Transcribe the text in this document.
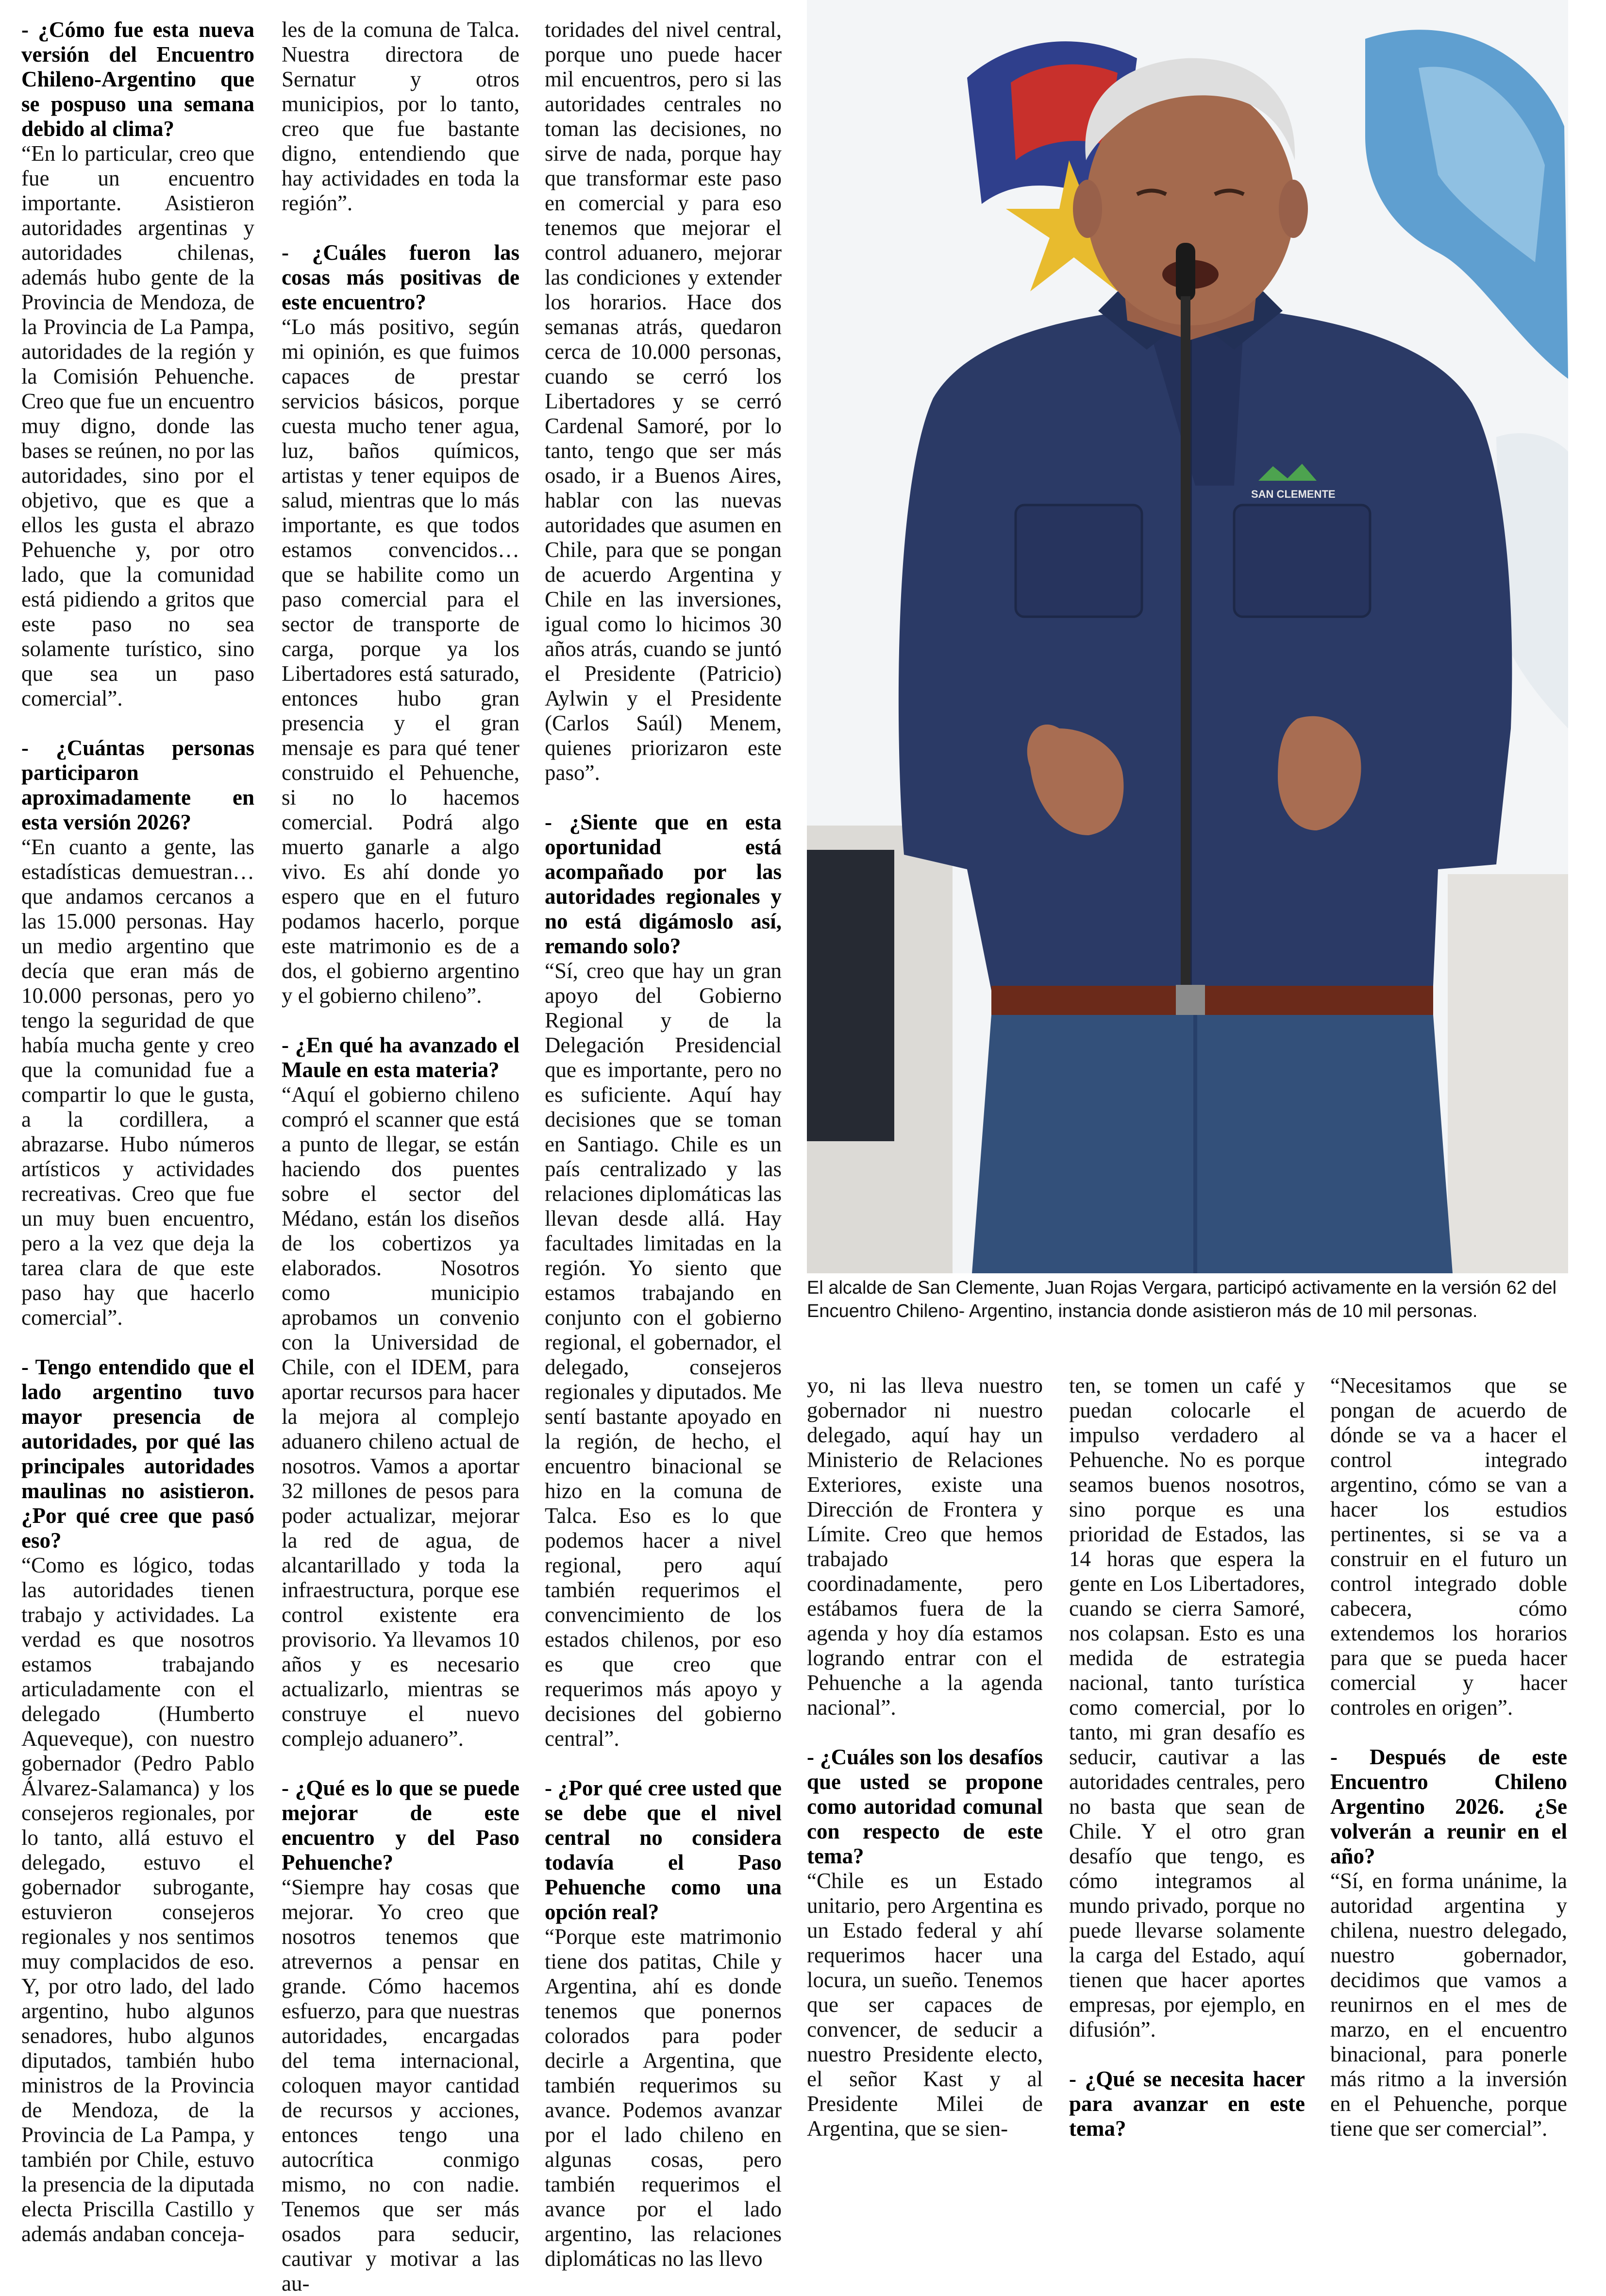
- ¿Cómo fue esta nueva versión del Encuentro Chileno-Argentino que se pospuso una semana debido al clima?

“En lo particular, creo que fue un encuentro importante. Asistieron autoridades argentinas y autoridades chilenas, además hubo gente de la Provincia de Mendoza, de la Provincia de La Pampa, autoridades de la región y la Comisión Pehuenche. Creo que fue un encuentro muy digno, donde las bases se reúnen, no por las autoridades, sino por el objetivo, que es que a ellos les gusta el abrazo Pehuenche y, por otro lado, que la comunidad está pidiendo a gritos que este paso no sea solamente turístico, sino que sea un paso comercial”.

- ¿Cuántas personas participaron aproximadamente en esta versión 2026?

“En cuanto a gente, las estadísticas demuestran… que andamos cercanos a las 15.000 personas. Hay un medio argentino que decía que eran más de 10.000 personas, pero yo tengo la seguridad de que había mucha gente y creo que la comunidad fue a compartir lo que le gusta, a la cordillera, a abrazarse. Hubo números artísticos y actividades recreativas. Creo que fue un muy buen encuentro, pero a la vez que deja la tarea clara de que este paso hay que hacerlo comercial”.

- Tengo entendido que el lado argentino tuvo mayor presencia de autoridades, por qué las principales autoridades maulinas no asistieron. ¿Por qué cree que pasó eso?

“Como es lógico, todas las autoridades tienen trabajo y actividades. La verdad es que nosotros estamos trabajando articuladamente con el delegado (Humberto Aqueveque), con nuestro gobernador (Pedro Pablo Álvarez-Salamanca) y los consejeros regionales, por lo tanto, allá estuvo el delegado, estuvo el gobernador subrogante, estuvieron consejeros regionales y nos sentimos muy complacidos de eso. Y, por otro lado, del lado argentino, hubo algunos senadores, hubo algunos diputados, también hubo ministros de la Provincia de Mendoza, de la Provincia de La Pampa, y también por Chile, estuvo la presencia de la diputada electa Priscilla Castillo y además andaban conceja-

les de la comuna de Talca. Nuestra directora de Sernatur y otros municipios, por lo tanto, creo que fue bastante digno, entendiendo que hay actividades en toda la región”.

- ¿Cuáles fueron las cosas más positivas de este encuentro?

“Lo más positivo, según mi opinión, es que fuimos capaces de prestar servicios básicos, porque cuesta mucho tener agua, luz, baños químicos, artistas y tener equipos de salud, mientras que lo más importante, es que todos estamos convencidos…que se habilite como un paso comercial para el sector de transporte de carga, porque ya los Libertadores está saturado, entonces hubo gran presencia y el gran mensaje es para qué tener construido el Pehuenche, si no lo hacemos comercial. Podrá algo muerto ganarle a algo vivo. Es ahí donde yo espero que en el futuro podamos hacerlo, porque este matrimonio es de a dos, el gobierno argentino y el gobierno chileno”.

- ¿En qué ha avanzado el Maule en esta materia?

“Aquí el gobierno chileno compró el scanner que está a punto de llegar, se están haciendo dos puentes sobre el sector del Médano, están los diseños de los cobertizos ya elaborados. Nosotros como municipio aprobamos un convenio con la Universidad de Chile, con el IDEM, para aportar recursos para hacer la mejora al complejo aduanero chileno actual de nosotros. Vamos a aportar 32 millones de pesos para poder actualizar, mejorar la red de agua, de alcantarillado y toda la infraestructura, porque ese control existente era provisorio. Ya llevamos 10 años y es necesario actualizarlo, mientras se construye el nuevo complejo aduanero”.

- ¿Qué es lo que se puede mejorar de este encuentro y del Paso Pehuenche?

“Siempre hay cosas que mejorar. Yo creo que nosotros tenemos que atrevernos a pensar en grande. Cómo hacemos esfuerzo, para que nuestras autoridades, encargadas del tema internacional, coloquen mayor cantidad de recursos y acciones, entonces tengo una autocrítica conmigo mismo, no con nadie. Tenemos que ser más osados para seducir, cautivar y motivar a las au-

toridades del nivel central, porque uno puede hacer mil encuentros, pero si las autoridades centrales no toman las decisiones, no sirve de nada, porque hay que transformar este paso en comercial y para eso tenemos que mejorar el control aduanero, mejorar las condiciones y extender los horarios. Hace dos semanas atrás, quedaron cerca de 10.000 personas, cuando se cerró los Libertadores y se cerró Cardenal Samoré, por lo tanto, tengo que ser más osado, ir a Buenos Aires, hablar con las nuevas autoridades que asumen en Chile, para que se pongan de acuerdo Argentina y Chile en las inversiones, igual como lo hicimos 30 años atrás, cuando se juntó el Presidente (Patricio) Aylwin y el Presidente (Carlos Saúl) Menem, quienes priorizaron este paso”.

- ¿Siente que en esta oportunidad está acompañado por las autoridades regionales y no está digámoslo así, remando solo?

“Sí, creo que hay un gran apoyo del Gobierno Regional y de la Delegación Presidencial que es importante, pero no es suficiente. Aquí hay decisiones que se toman en Santiago. Chile es un país centralizado y las relaciones diplomáticas las llevan desde allá. Hay facultades limitadas en la región. Yo siento que estamos trabajando en conjunto con el gobierno regional, el gobernador, el delegado, consejeros regionales y diputados. Me sentí bastante apoyado en la región, de hecho, el encuentro binacional se hizo en la comuna de Talca. Eso es lo que podemos hacer a nivel regional, pero aquí también requerimos el convencimiento de los estados chilenos, por eso es que creo que requerimos más apoyo y decisiones del gobierno central”.

- ¿Por qué cree usted que se debe que el nivel central no considera todavía el Paso Pehuenche como una opción real?

“Porque este matrimonio tiene dos patitas, Chile y Argentina, ahí es donde tenemos que ponernos colorados para poder decirle a Argentina, que también requerimos su avance. Podemos avanzar por el lado chileno en algunas cosas, pero también requerimos el avance por el lado argentino, las relaciones diplomáticas no las llevo

SAN CLEMENTE

El alcalde de San Clemente, Juan Rojas Vergara, participó activamente en la versión 62 del Encuentro Chileno- Argentino, instancia donde asistieron más de 10 mil personas.

yo, ni las lleva nuestro gobernador ni nuestro delegado, aquí hay un Ministerio de Relaciones Exteriores, existe una Dirección de Frontera y Límite. Creo que hemos trabajado coordinadamente, pero estábamos fuera de la agenda y hoy día estamos logrando entrar con el Pehuenche a la agenda nacional”.

- ¿Cuáles son los desafíos que usted se propone como autoridad comunal con respecto de este tema?

“Chile es un Estado unitario, pero Argentina es un Estado federal y ahí requerimos hacer una locura, un sueño. Tenemos que ser capaces de convencer, de seducir a nuestro Presidente electo, el señor Kast y al Presidente Milei de Argentina, que se sien-

ten, se tomen un café y puedan colocarle el impulso verdadero al Pehuenche. No es porque seamos buenos nosotros, sino porque es una prioridad de Estados, las 14 horas que espera la gente en Los Libertadores, cuando se cierra Samoré, nos colapsan. Esto es una medida de estrategia nacional, tanto turística como comercial, por lo tanto, mi gran desafío es seducir, cautivar a las autoridades centrales, pero no basta que sean de Chile. Y el otro gran desafío que tengo, es cómo integramos al mundo privado, porque no puede llevarse solamente la carga del Estado, aquí tienen que hacer aportes empresas, por ejemplo, en difusión”.

- ¿Qué se necesita hacer para avanzar en este tema?

“Necesitamos que se pongan de acuerdo de dónde se va a hacer el control integrado argentino, cómo se van a hacer los estudios pertinentes, si se va a construir en el futuro un control integrado doble cabecera, cómo extendemos los horarios para que se pueda hacer comercial y hacer controles en origen”.

- Después de este Encuentro Chileno Argentino 2026. ¿Se volverán a reunir en el año?

“Sí, en forma unánime, la autoridad argentina y chilena, nuestro delegado, nuestro gobernador, decidimos que vamos a reunirnos en el mes de marzo, en el encuentro binacional, para ponerle más ritmo a la inversión en el Pehuenche, porque tiene que ser comercial”.
